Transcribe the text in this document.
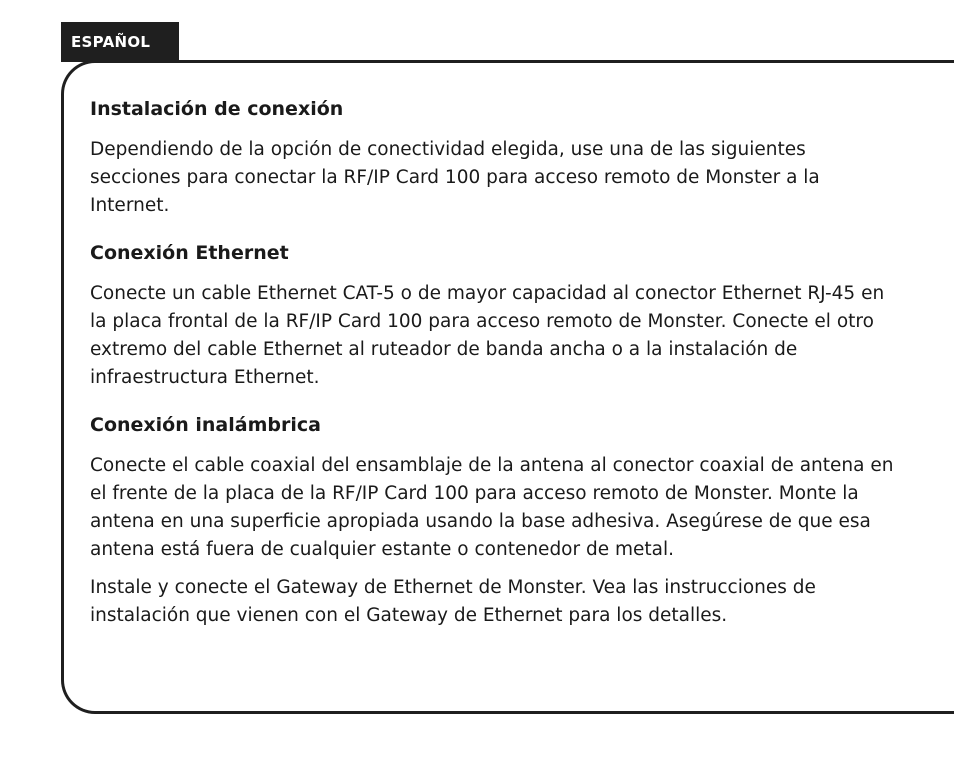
ESPAÑOL
Instalación de conexión

Dependiendo de la opción de conectividad elegida, use una de las siguientes secciones para conectar la RF/IP Card 100 para acceso remoto de Monster a la Internet.

Conexión Ethernet

Conecte un cable Ethernet CAT-5 o de mayor capacidad al conector Ethernet RJ-45 en la placa frontal de la RF/IP Card 100 para acceso remoto de Monster. Conecte el otro extremo del cable Ethernet al ruteador de banda ancha o a la instalación de infraestructura Ethernet.

Conexión inalámbrica

Conecte el cable coaxial del ensamblaje de la antena al conector coaxial de antena en el frente de la placa de la RF/IP Card 100 para acceso remoto de Monster. Monte la antena en una superficie apropiada usando la base adhesiva. Asegúrese de que esa antena está fuera de cualquier estante o contenedor de metal.

Instale y conecte el Gateway de Ethernet de Monster. Vea las instrucciones de instalación que vienen con el Gateway de Ethernet para los detalles.
